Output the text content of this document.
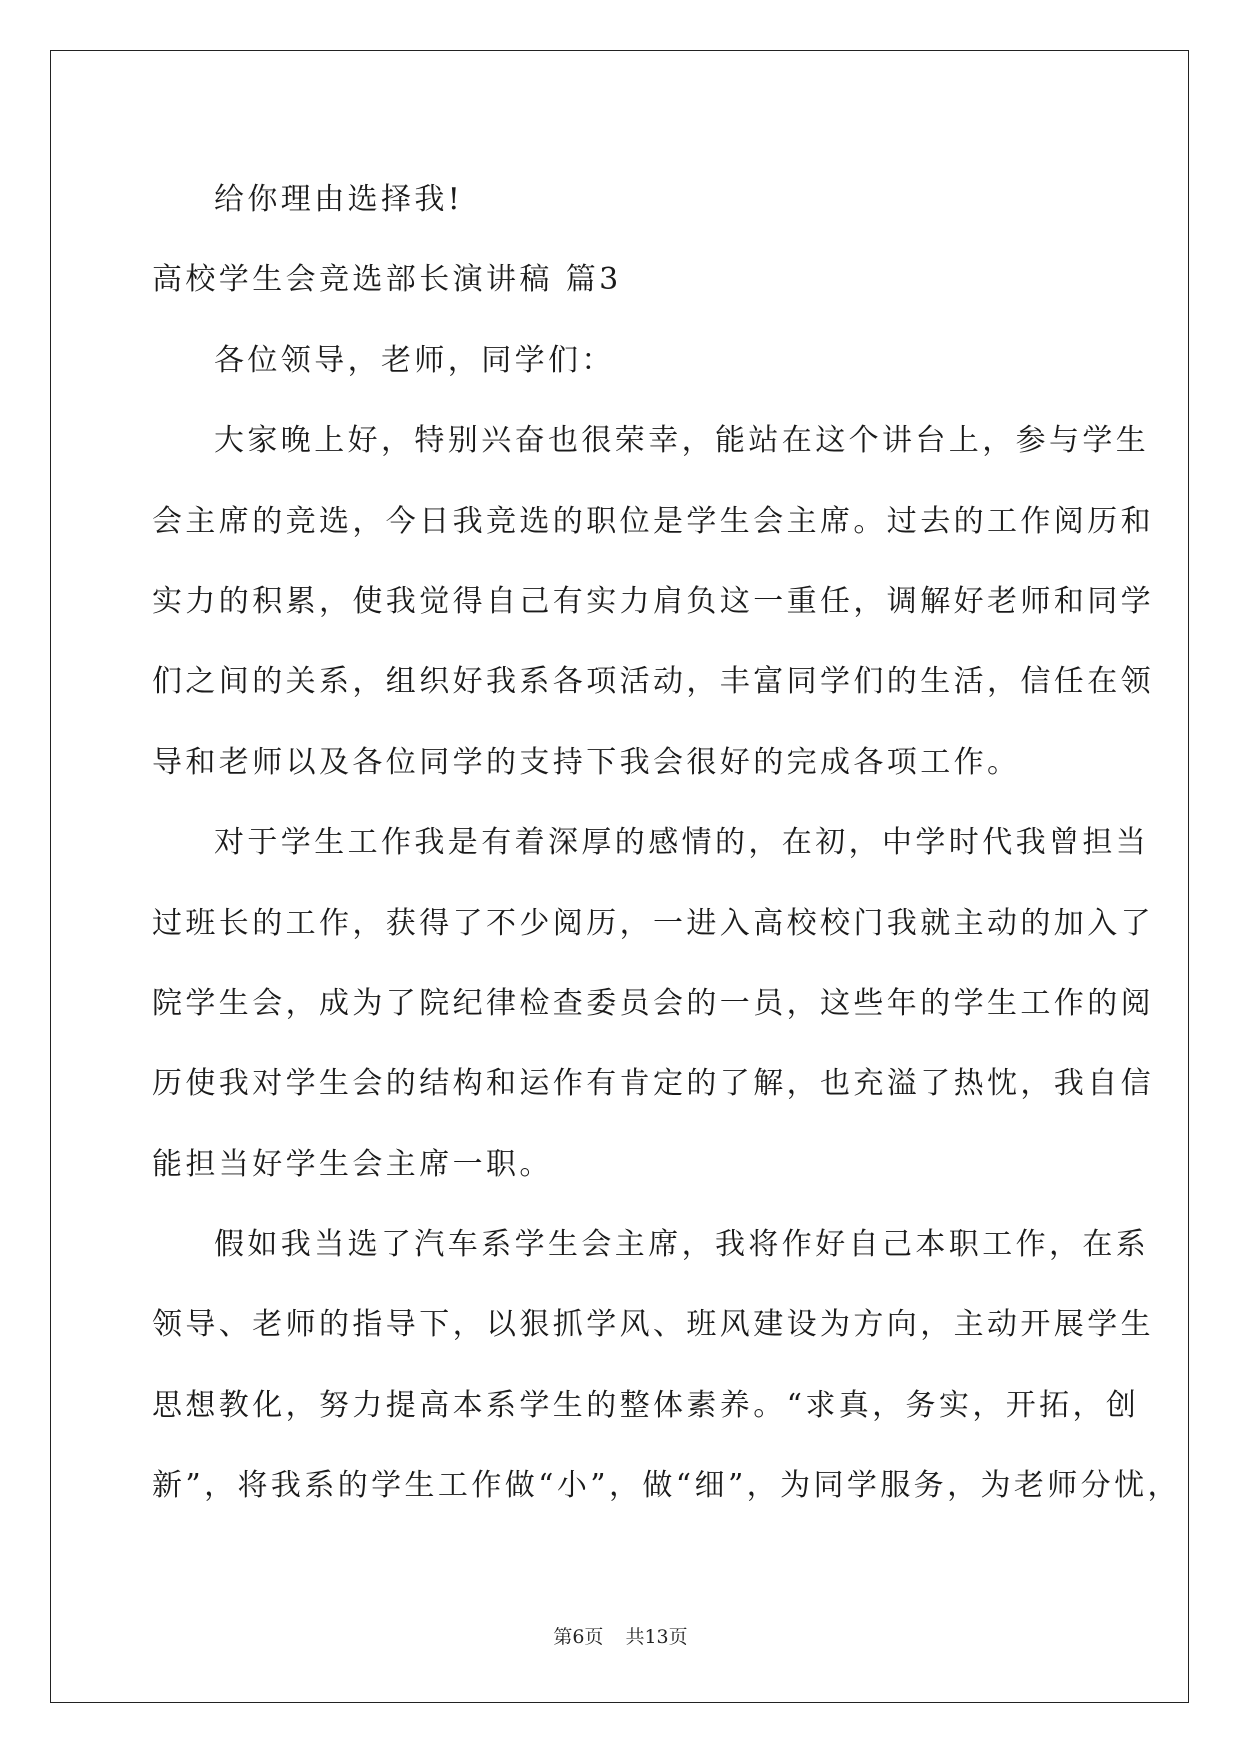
给你理由选择我!
高校学生会竞选部长演讲稿 篇3
各位领导，老师，同学们：
大家晚上好，特别兴奋也很荣幸，能站在这个讲台上，参与学生
会主席的竞选，今日我竞选的职位是学生会主席。过去的工作阅历和
实力的积累，使我觉得自己有实力肩负这一重任，调解好老师和同学
们之间的关系，组织好我系各项活动，丰富同学们的生活，信任在领
导和老师以及各位同学的支持下我会很好的完成各项工作。
对于学生工作我是有着深厚的感情的，在初，中学时代我曾担当
过班长的工作，获得了不少阅历，一进入高校校门我就主动的加入了
院学生会，成为了院纪律检查委员会的一员，这些年的学生工作的阅
历使我对学生会的结构和运作有肯定的了解，也充溢了热忱，我自信
能担当好学生会主席一职。
假如我当选了汽车系学生会主席，我将作好自己本职工作，在系
领导、老师的指导下，以狠抓学风、班风建设为方向，主动开展学生
思想教化，努力提高本系学生的整体素养。“求真，务实，开拓，创
新”，将我系的学生工作做“小”，做“细”，为同学服务，为老师分忧，
第6页 共13页
